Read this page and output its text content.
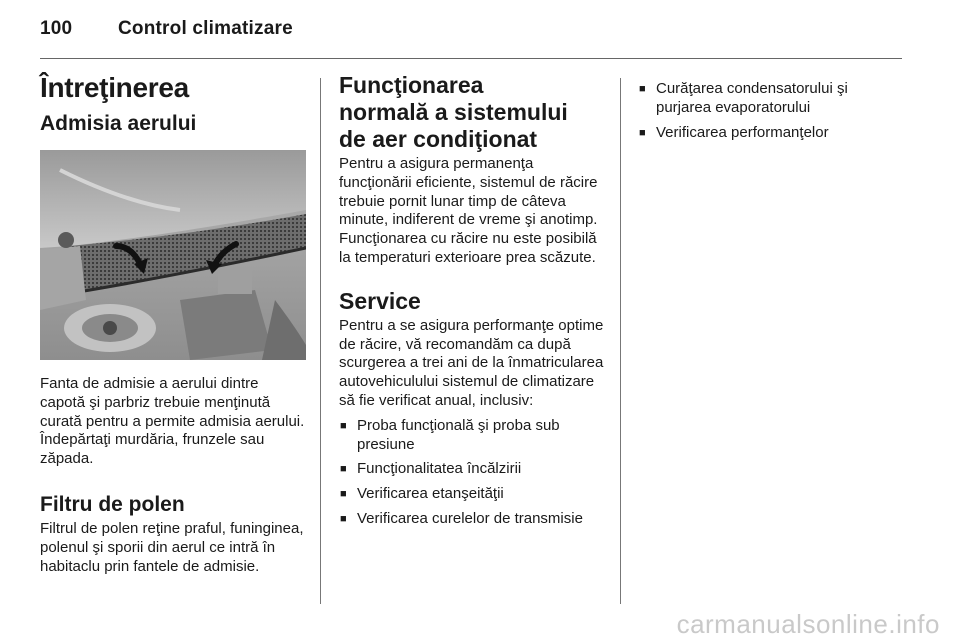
100 Control climatizare
Întreţinerea
Admisia aerului

Fanta de admisie a aerului dintre capotă şi parbriz trebuie menţinută curată pentru a permite admisia aerului. Îndepărtaţi murdăria, frunzele sau zăpada.

Filtru de polen

Filtrul de polen reţine praful, funinginea, polenul şi sporii din aerul ce intră în habitaclu prin fantele de admisie.

Funcţionarea normală a sistemului de aer condiţionat

Pentru a asigura permanenţa funcţionării eficiente, sistemul de răcire trebuie pornit lunar timp de câteva minute, indiferent de vreme şi anotimp. Funcţionarea cu răcire nu este posibilă la temperaturi exterioare prea scăzute.

Service

Pentru a se asigura performanţe optime de răcire, vă recomandăm ca după scurgerea a trei ani de la înmatricularea autovehiculului sistemul de climatizare să fie verificat anual, inclusiv:

■ Proba funcţională şi proba sub presiune
■ Funcţionalitatea încălzirii
■ Verificarea etanşeităţii
■ Verificarea curelelor de transmisie
■ Curăţarea condensatorului şi purjarea evaporatorului
■ Verificarea performanţelor
carmanualsonline.info
